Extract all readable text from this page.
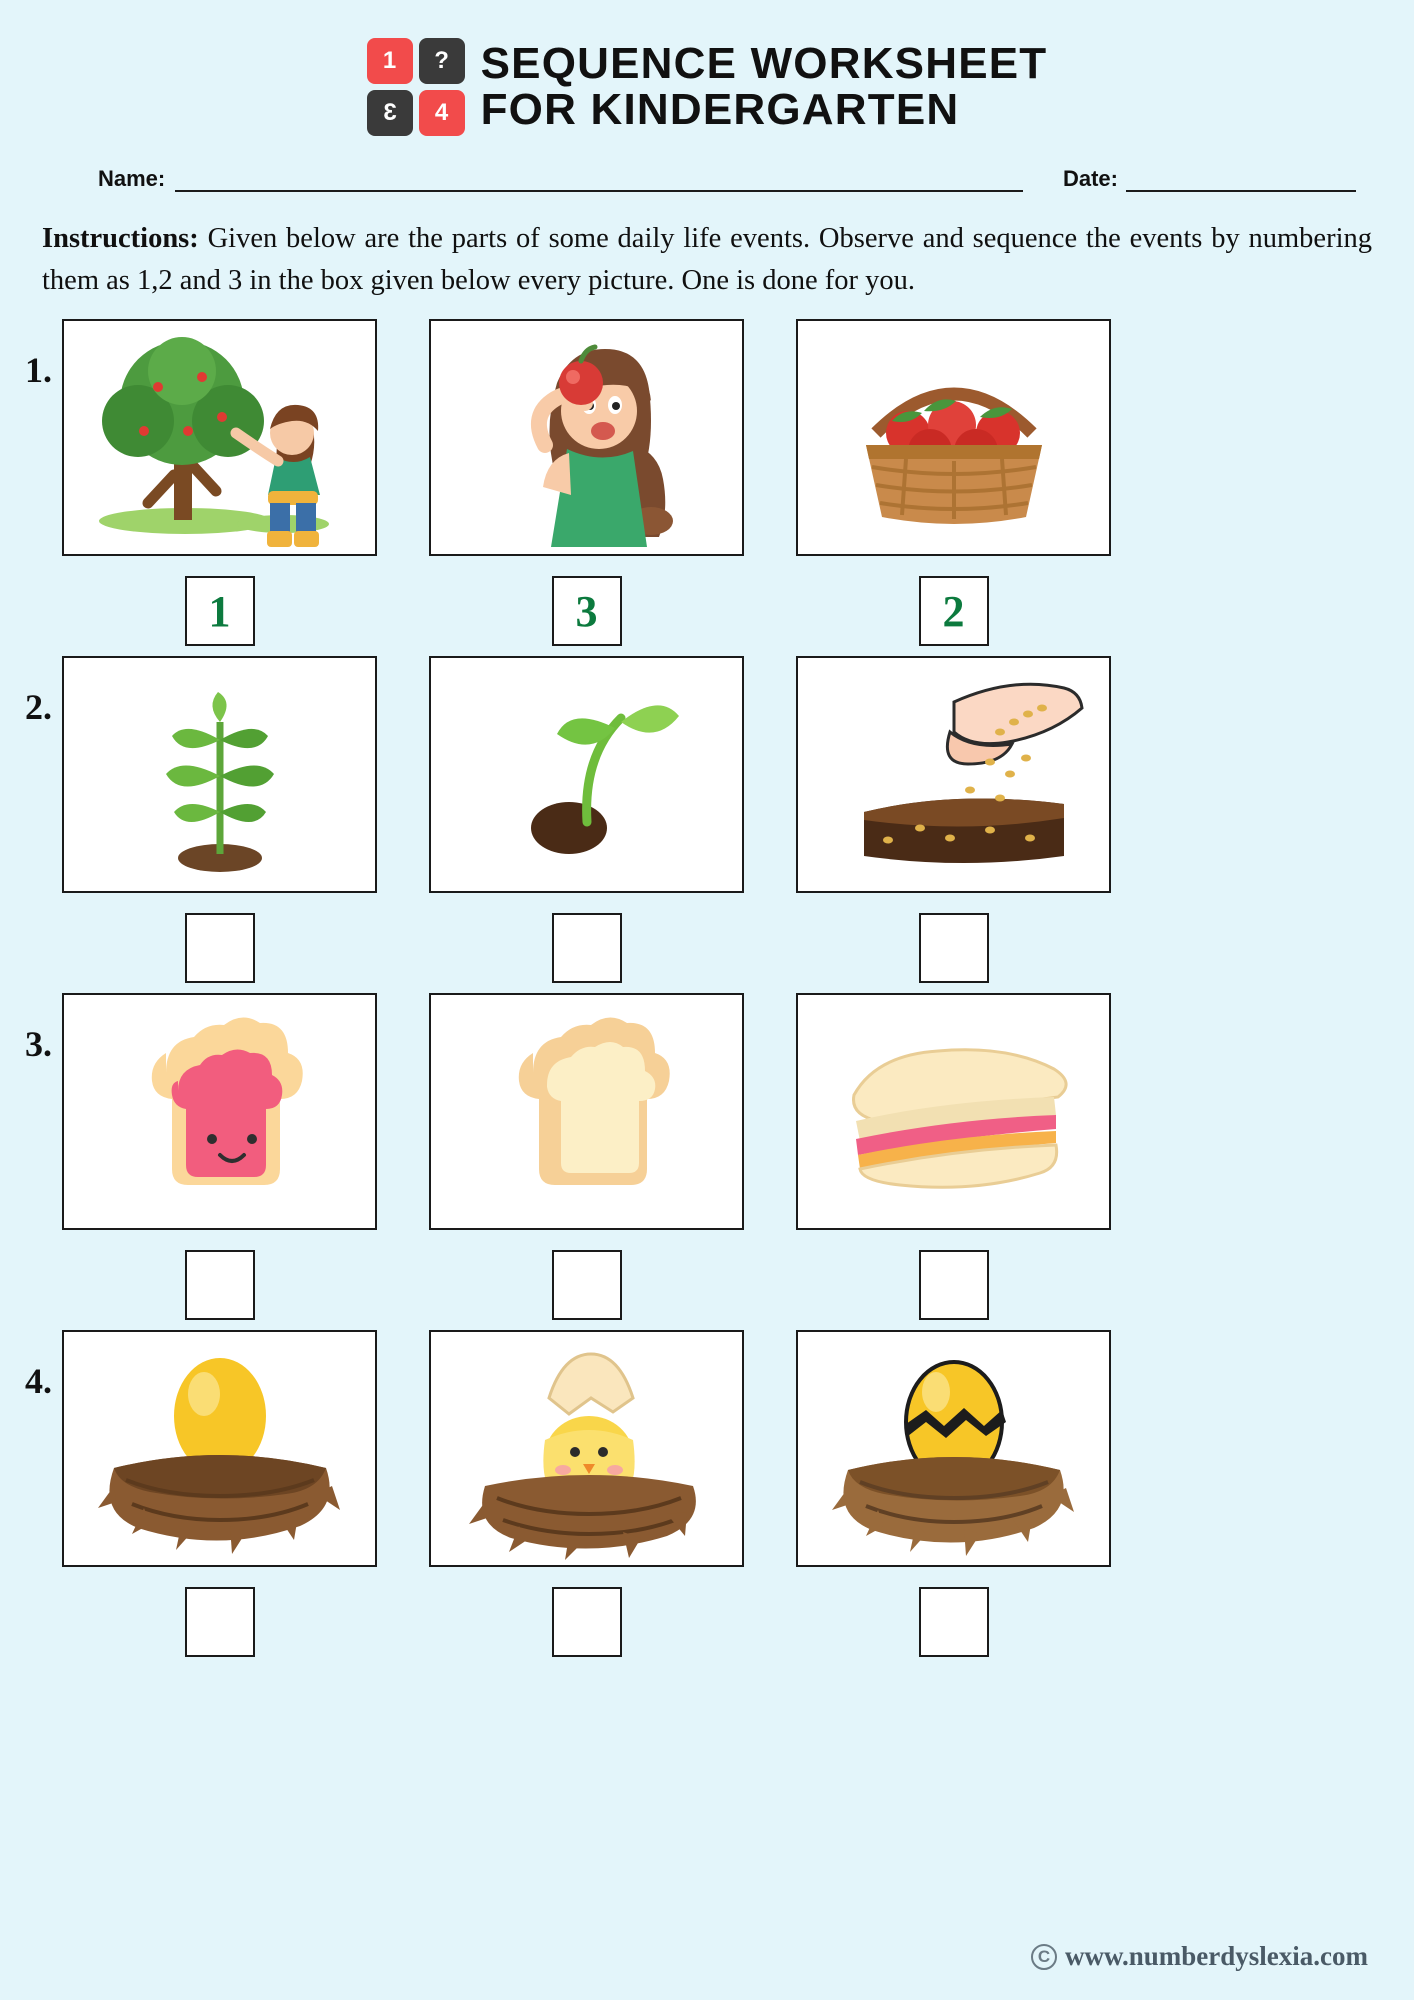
1	?
3	4
SEQUENCE WORKSHEET
FOR KINDERGARTEN
Name:	Date:
Instructions: Given below are the parts of some daily life events. Observe and sequence the events by numbering them as 1,2 and 3 in the box given below every picture. One is done for you.
1.
1	3	2
2.
3.
4.
C www.numberdyslexia.com
